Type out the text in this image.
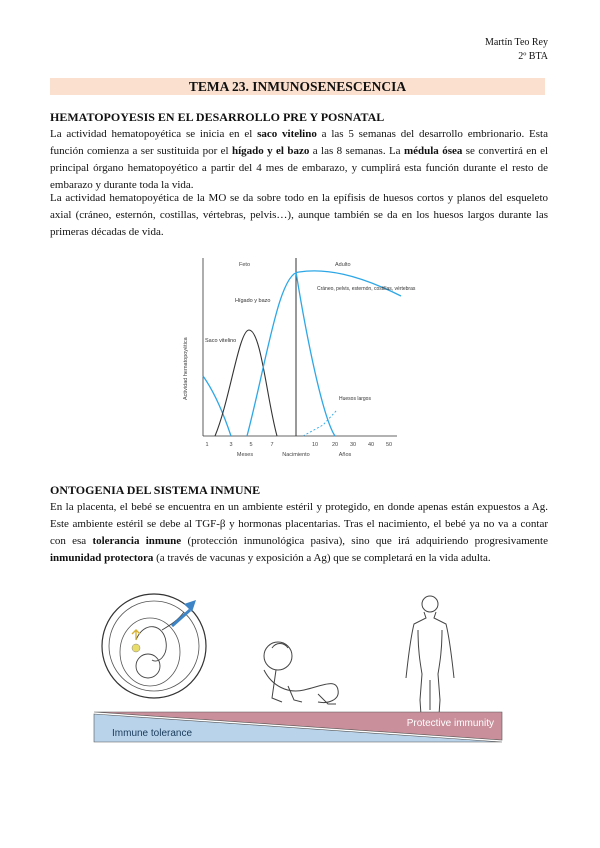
Martín Teo Rey
2º BTA
TEMA 23. INMUNOSENESCENCIA
HEMATOPOYESIS EN EL DESARROLLO PRE Y POSNATAL
La actividad hematopoyética se inicia en el saco vitelino a las 5 semanas del desarrollo embrionario. Esta función comienza a ser sustituida por el hígado y el bazo a las 8 semanas. La médula ósea se convertirá en el principal órgano hematopoyético a partir del 4 mes de embarazo, y cumplirá esta función durante el resto de embarazo y durante toda la vida.
La actividad hematopoyética de la MO se da sobre todo en la epífisis de huesos cortos y planos del esqueleto axial (cráneo, esternón, costillas, vértebras, pelvis…), aunque también se da en los huesos largos durante las primeras décadas de vida.
Actividad hematopoyética
Feto	Adulto
1	3	5	7	10	20 30 40 50
Meses	Nacimiento	Años
Saco vitelino
Hígado y bazo
Cráneo, pelvis, esternón, costillas, vértebras
Huesos largos
ONTOGENIA DEL SISTEMA INMUNE
En la placenta, el bebé se encuentra en un ambiente estéril y protegido, en donde apenas están expuestos a Ag. Este ambiente estéril se debe al TGF-β y hormonas placentarias. Tras el nacimiento, el bebé ya no va a contar con esa tolerancia inmune (protección inmunológica pasiva), sino que irá adquiriendo progresivamente inmunidad protectora (a través de vacunas y exposición a Ag) que se completará en la vida adulta.
Immune tolerance
Protective immunity
